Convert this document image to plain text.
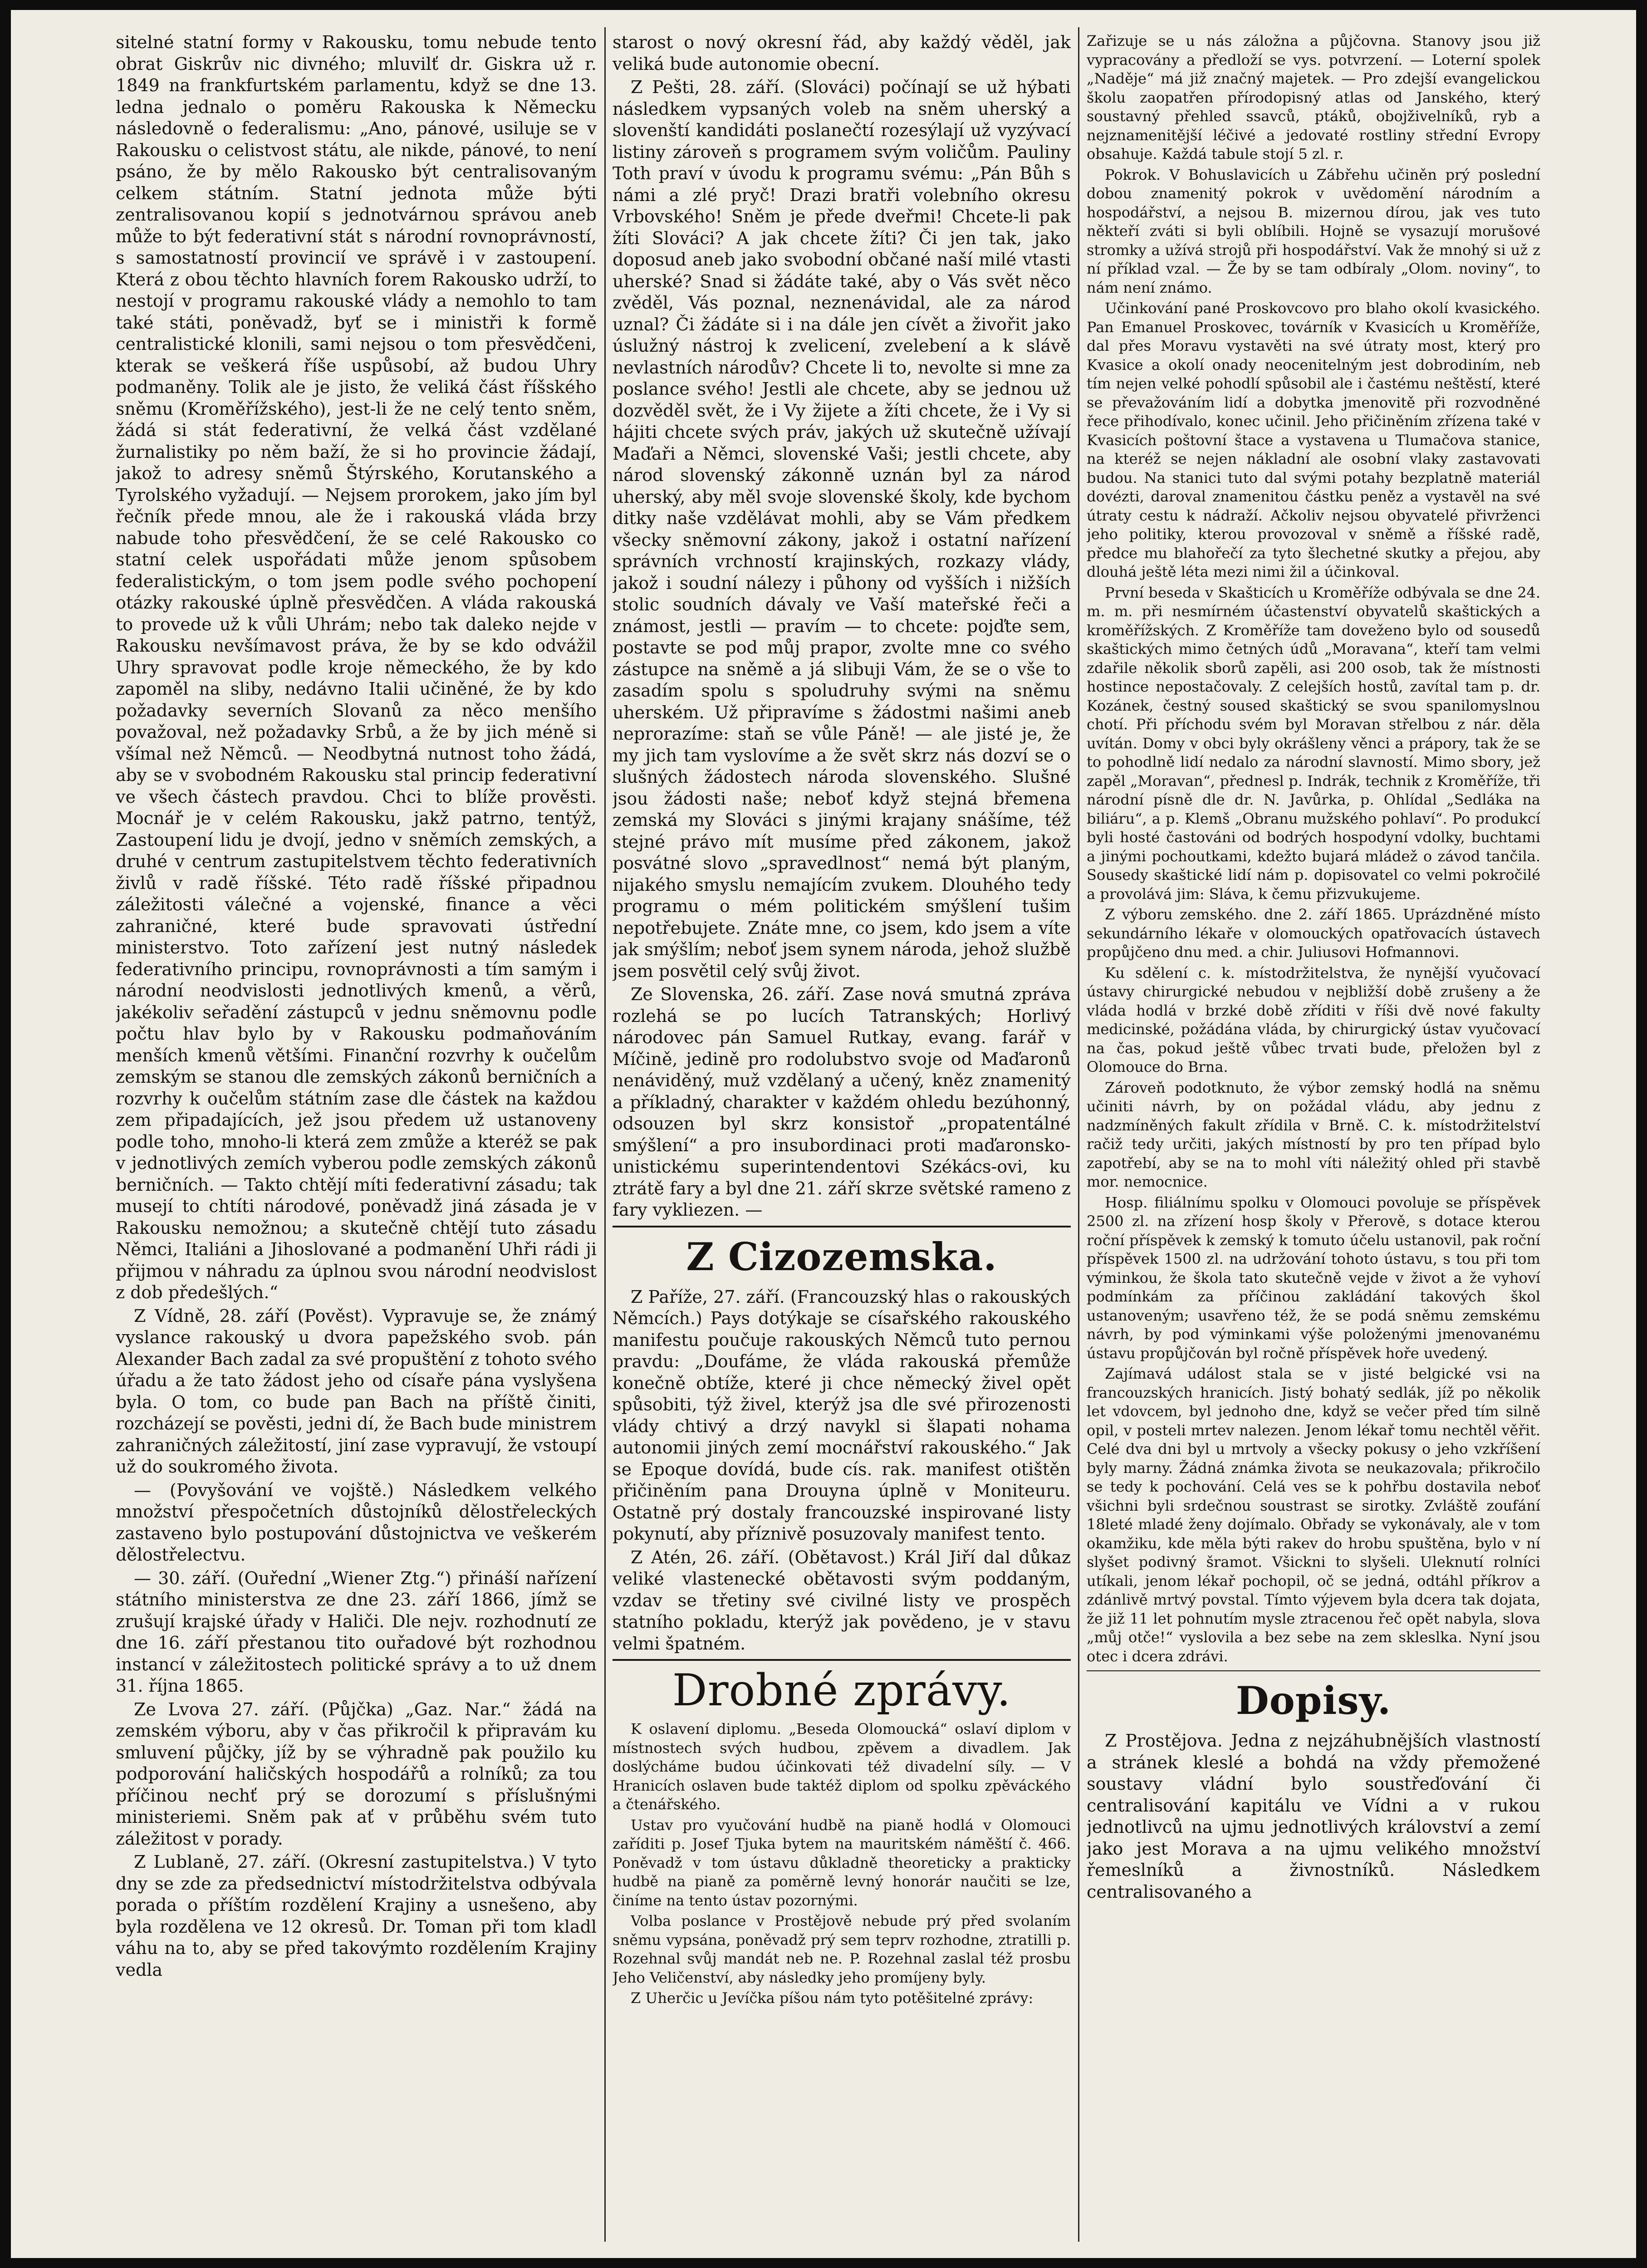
sitelné statní formy v Rakousku, tomu nebude tento obrat Giskrův nic divného; mluvilť dr. Giskra už r. 1849 na frankfurtském parlamentu, když se dne 13. ledna jednalo o poměru Rakouska k Německu následovně o federalismu: „Ano, pánové, usiluje se v Rakousku o celistvost státu, ale nikde, pánové, to není psáno, že by mělo Rakousko být centralisovaným celkem státním. Statní jednota může býti zentralisovanou kopií s jednotvárnou správou aneb může to být federativní stát s národní rovnoprávností, s samostatností provincií ve správě i v zastoupení. Která z obou těchto hlavních forem Rakousko udrží, to nestojí v programu rakouské vlády a nemohlo to tam také státi, poněvadž, byť se i ministři k formě centralistické klonili, sami nejsou o tom přesvědčeni, kterak se veškerá říše uspůsobí, až budou Uhry podmaněny. Tolik ale je jisto, že veliká část říšského sněmu (Kroměřížského), jest-li že ne celý tento sněm, žádá si stát federativní, že velká část vzdělané žurnalistiky po něm baží, že si ho provincie žádají, jakož to adresy sněmů Štýrského, Korutanského a Tyrolského vyžadují. — Nejsem prorokem, jako jím byl řečník přede mnou, ale že i rakouská vláda brzy nabude toho přesvědčení, že se celé Rakousko co statní celek uspořádati může jenom spůsobem federalistickým, o tom jsem podle svého pochopení otázky rakouské úplně přesvědčen. A vláda rakouská to provede už k vůli Uhrám; nebo tak daleko nejde v Rakousku nevšímavost práva, že by se kdo odvážil Uhry spravovat podle kroje německého, že by kdo zapoměl na sliby, nedávno Italii učiněné, že by kdo požadavky severních Slovanů za něco menšího považoval, než požadavky Srbů, a že by jich méně si všímal než Němců. — Neodbytná nutnost toho žádá, aby se v svobodném Rakousku stal princip federativní ve všech částech pravdou. Chci to blíže prověsti. Mocnář je v celém Rakousku, jakž patrno, tentýž, Zastoupení lidu je dvojí, jedno v sněmích zemských, a druhé v centrum zastupitelstvem těchto federativních živlů v radě říšské. Této radě říšské připadnou záležitosti válečné a vojenské, finance a věci zahraničné, které bude spravovati ústřední ministerstvo. Toto zařízení jest nutný následek federativního principu, rovnoprávnosti a tím samým i národní neodvislosti jednotlivých kmenů, a věrů, jakékoliv seřadění zástupců v jednu sněmovnu podle počtu hlav bylo by v Rakousku podmaňováním menších kmenů většími. Finanční rozvrhy k oučelům zemským se stanou dle zemských zákonů berničních a rozvrhy k oučelům státním zase dle částek na každou zem připadajících, jež jsou předem už ustanoveny podle toho, mnoho-li která zem zmůže a kteréž se pak v jednotlivých zemích vyberou podle zemských zákonů berničních. — Takto chtějí míti federativní zásadu; tak musejí to chtíti národové, poněvadž jiná zásada je v Rakousku nemožnou; a skutečně chtějí tuto zásadu Němci, Italiáni a Jihoslované a podmanění Uhři rádi ji přijmou v náhradu za úplnou svou národní neodvislost z dob předešlých.“

Z Vídně, 28. září (Pověst). Vypravuje se, že známý vyslance rakouský u dvora papežského svob. pán Alexander Bach zadal za své propuštění z tohoto svého úřadu a že tato žádost jeho od císaře pána vyslyšena byla. O tom, co bude pan Bach na příště činiti, rozcházejí se pověsti, jedni dí, že Bach bude ministrem zahraničných záležitostí, jiní zase vypravují, že vstoupí už do soukromého života.

— (Povyšování ve vojště.) Následkem velkého množství přespočetních důstojníků dělostřeleckých zastaveno bylo postupování důstojnictva ve veškerém dělostřelectvu.

— 30. září. (Ouřední „Wiener Ztg.“) přináší nařízení státního ministerstva ze dne 23. září 1866, jímž se zrušují krajské úřady v Haliči. Dle nejv. rozhodnutí ze dne 16. září přestanou tito ouřadové být rozhodnou instancí v záležitostech politické správy a to už dnem 31. října 1865.

Ze Lvova 27. září. (Půjčka) „Gaz. Nar.“ žádá na zemském výboru, aby v čas přikročil k připravám ku smluvení půjčky, jíž by se výhradně pak použilo ku podporování haličských hospodářů a rolníků; za tou příčinou nechť prý se dorozumí s příslušnými ministeriemi. Sněm pak ať v průběhu svém tuto záležitost v porady.

Z Lublaně, 27. září. (Okresní zastupitelstva.) V tyto dny se zde za předsednictví místodržitelstva odbývala porada o příštím rozdělení Krajiny a usnešeno, aby byla rozdělena ve 12 okresů. Dr. Toman při tom kladl váhu na to, aby se před takovýmto rozdělením Krajiny vedla

starost o nový okresní řád, aby každý věděl, jak veliká bude autonomie obecní.

Z Pešti, 28. září. (Slováci) počínají se už hýbati následkem vypsaných voleb na sněm uherský a slovenští kandidáti poslanečtí rozesýlají už vyzývací listiny zároveň s programem svým voličům. Pauliny Toth praví v úvodu k programu svému: „Pán Bůh s námi a zlé pryč! Drazi bratři volebního okresu Vrbovského! Sněm je přede dveřmi! Chcete-li pak žíti Slováci? A jak chcete žíti? Či jen tak, jako doposud aneb jako svobodní občané naší milé vtasti uherské? Snad si žádáte také, aby o Vás svět něco zvěděl, Vás poznal, neznenávidal, ale za národ uznal? Či žádáte si i na dále jen cívět a živořit jako úslužný nástroj k zvelicení, zvelebení a k slávě nevlastních národův? Chcete li to, nevolte si mne za poslance svého! Jestli ale chcete, aby se jednou už dozvěděl svět, že i Vy žijete a žíti chcete, že i Vy si hájiti chcete svých práv, jakých už skutečně užívají Maďaři a Němci, slovenské Vaši; jestli chcete, aby národ slovenský zákonně uznán byl za národ uherský, aby měl svoje slovenské školy, kde bychom ditky naše vzdělávat mohli, aby se Vám předkem všecky sněmovní zákony, jakož i ostatní nařízení správních vrchností krajinských, rozkazy vlády, jakož i soudní nálezy i půhony od vyšších i nižších stolic soudních dávaly ve Vaší mateřské řeči a známost, jestli — pravím — to chcete: pojďte sem, postavte se pod můj prapor, zvolte mne co svého zástupce na sněmě a já slibuji Vám, že se o vše to zasadím spolu s spoludruhy svými na sněmu uherském. Už připravíme s žádostmi našimi aneb neprorazíme: staň se vůle Páně! — ale jisté je, že my jich tam vyslovíme a že svět skrz nás dozví se o slušných žádostech národa slovenského. Slušné jsou žádosti naše; neboť když stejná břemena zemská my Slováci s jinými krajany snášíme, též stejné právo mít musíme před zákonem, jakož posvátné slovo „spravedlnost“ nemá být planým, nijakého smyslu nemajícím zvukem. Dlouhého tedy programu o mém politickém smýšlení tušim nepotřebujete. Znáte mne, co jsem, kdo jsem a víte jak smýšlím; neboť jsem synem národa, jehož službě jsem posvětil celý svůj život.

Ze Slovenska, 26. září. Zase nová smutná zpráva rozlehá se po lucích Tatranských; Horlivý národovec pán Samuel Rutkay, evang. farář v Míčině, jedině pro rodolubstvo svoje od Maďaronů nenáviděný, muž vzdělaný a učený, kněz znamenitý a příkladný, charakter v každém ohledu bezúhonný, odsouzen byl skrz konsistoř „propatentálné smýšlení“ a pro insubordinaci proti maďaronsko-unistickému superintendentovi Székács-ovi, ku ztrátě fary a byl dne 21. září skrze světské rameno z fary vykliezen. —

Z Cizozemska.

Z Paříže, 27. září. (Francouzský hlas o rakouských Němcích.) Pays dotýkaje se císařského rakouského manifestu poučuje rakouských Němců tuto pernou pravdu: „Doufáme, že vláda rakouská přemůže konečně obtíže, které ji chce německý živel opět spůsobiti, týž živel, kterýž jsa dle své přirozenosti vlády chtivý a drzý navykl si šlapati nohama autonomii jiných zemí mocnářství rakouského.“ Jak se Epoque dovídá, bude cís. rak. manifest otištěn přičiněním pana Drouyna úplně v Moniteuru. Ostatně prý dostaly francouzské inspirované listy pokynutí, aby příznivě posuzovaly manifest tento.

Z Atén, 26. září. (Obětavost.) Král Jiří dal důkaz veliké vlastenecké obětavosti svým poddaným, vzdav se třetiny své civilné listy ve prospěch statního pokladu, kterýž jak povědeno, je v stavu velmi špatném.

Drobné zprávy.

K oslavení diplomu. „Beseda Olomoucká“ oslaví diplom v místnostech svých hudbou, zpěvem a divadlem. Jak doslýcháme budou účinkovati též divadelní síly. — V Hranicích oslaven bude taktéž diplom od spolku zpěváckého a čtenářského.

Ustav pro vyučování hudbě na pianě hodlá v Olomouci zaříditi p. Josef Tjuka bytem na mauritském náměští č. 466. Poněvadž v tom ústavu důkladně theoreticky a prakticky hudbě na pianě za poměrně levný honorár naučiti se lze, činíme na tento ústav pozornými.

Volba poslance v Prostějově nebude prý před svolaním sněmu vypsána, poněvadž prý sem teprv rozhodne, ztratilli p. Rozehnal svůj mandát neb ne. P. Rozehnal zaslal též prosbu Jeho Veličenství, aby následky jeho promíjeny byly.

Z Uherčic u Jevíčka píšou nám tyto potěšitelné zprávy:

Zařizuje se u nás záložna a půjčovna. Stanovy jsou již vypracovány a předloží se vys. potvrzení. — Loterní spolek „Naděje“ má již značný majetek. — Pro zdejší evangelickou školu zaopatřen přírodopisný atlas od Janského, který soustavný přehled ssavců, ptáků, obojživelníků, ryb a nejznamenitější léčivé a jedovaté rostliny střední Evropy obsahuje. Každá tabule stojí 5 zl. r.

Pokrok. V Bohuslavicích u Zábřehu učiněn prý poslední dobou znamenitý pokrok v uvědomění národním a hospodářství, a nejsou B. mizernou dírou, jak ves tuto někteří zváti si byli oblíbili. Hojně se vysazují morušové stromky a užívá strojů při hospodářství. Vak že mnohý si už z ní příklad vzal. — Že by se tam odbíraly „Olom. noviny“, to nám není známo.

Učinkování pané Proskovcovo pro blaho okolí kvasického. Pan Emanuel Proskovec, továrník v Kvasicích u Kroměříže, dal přes Moravu vystavěti na své útraty most, který pro Kvasice a okolí onady neocenitelným jest dobrodiním, neb tím nejen velké pohodlí spůsobil ale i častému neštěstí, které se převažováním lidí a dobytka jmenovitě při rozvodněné řece přihodívalo, konec učinil. Jeho přičiněním zřízena také v Kvasicích poštovní štace a vystavena u Tlumačova stanice, na kteréž se nejen nákladní ale osobní vlaky zastavovati budou. Na stanici tuto dal svými potahy bezplatně materiál dovézti, daroval znamenitou částku peněz a vystavěl na své útraty cestu k nádraží. Ačkoliv nejsou obyvatelé přivrženci jeho politiky, kterou provozoval v sněmě a říšské radě, předce mu blahořečí za tyto šlechetné skutky a přejou, aby dlouhá ještě léta mezi nimi žil a účinkoval.

První beseda v Skašticích u Kroměříže odbývala se dne 24. m. m. při nesmírném účastenství obyvatelů skaštických a kroměřížských. Z Kroměříže tam doveženo bylo od sousedů skaštických mimo četných údů „Moravana“, kteří tam velmi zdařile několik sborů zapěli, asi 200 osob, tak že místnosti hostince nepostačovaly. Z celejších hostů, zavítal tam p. dr. Kozánek, čestný soused skaštický se svou spanilomyslnou chotí. Při příchodu svém byl Moravan střelbou z nár. děla uvítán. Domy v obci byly okrášleny věnci a prápory, tak že se to pohodlně lidí nedalo za národní slavností. Mimo sbory, jež zapěl „Moravan“, přednesl p. Indrák, technik z Kroměříže, tři národní písně dle dr. N. Javůrka, p. Ohlídal „Sedláka na biliáru“, a p. Klemš „Obranu mužského pohlaví“. Po produkcí byli hosté častováni od bodrých hospodyní vdolky, buchtami a jinými pochoutkami, kdežto bujará mládež o závod tančila. Sousedy skaštické lidí nám p. dopisovatel co velmi pokročilé a provolává jim: Sláva, k čemu přizvukujeme.

Z výboru zemského. dne 2. září 1865. Uprázdněné místo sekundárního lékaře v olomouckých opatřovacích ústavech propůjčeno dnu med. a chir. Juliusovi Hofmannovi.

Ku sdělení c. k. místodržitelstva, že nynější vyučovací ústavy chirurgické nebudou v nejbližší době zrušeny a že vláda hodlá v brzké době zříditi v říši dvě nové fakulty medicinské, požádána vláda, by chirurgický ústav vyučovací na čas, pokud ještě vůbec trvati bude, přeložen byl z Olomouce do Brna.

Zároveň podotknuto, že výbor zemský hodlá na sněmu učiniti návrh, by on požádal vládu, aby jednu z nadzmíněných fakult zřídila v Brně. C. k. místodržitelství račiž tedy určiti, jakých místností by pro ten případ bylo zapotřebí, aby se na to mohl víti náležitý ohled při stavbě mor. nemocnice.

Hosp. filiálnímu spolku v Olomouci povoluje se příspěvek 2500 zl. na zřízení hosp školy v Přerově, s dotace kterou roční příspěvek k zemský k tomuto účelu ustanovil, pak roční příspěvek 1500 zl. na udržování tohoto ústavu, s tou při tom výminkou, že škola tato skutečně vejde v život a že vyhoví podmínkám za příčinou zakládání takových škol ustanoveným; usavřeno též, že se podá sněmu zemskému návrh, by pod výminkami výše položenými jmenovanému ústavu propůjčován byl ročně příspěvek hoře uvedený.

Zajímavá událost stala se v jisté belgické vsi na francouzských hranicích. Jistý bohatý sedlák, jíž po několik let vdovcem, byl jednoho dne, když se večer před tím silně opil, v posteli mrtev nalezen. Jenom lékař tomu nechtěl věřit. Celé dva dni byl u mrtvoly a všecky pokusy o jeho vzkříšení byly marny. Žádná známka života se neukazovala; přikročilo se tedy k pochování. Celá ves se k pohřbu dostavila neboť všichni byli srdečnou soustrast se sirotky. Zvláště zoufání 18leté mladé ženy dojímalo. Obřady se vykonávaly, ale v tom okamžiku, kde měla býti rakev do hrobu spuštěna, bylo v ní slyšet podivný šramot. Všickni to slyšeli. Uleknutí rolníci utíkali, jenom lékař pochopil, oč se jedná, odtáhl příkrov a zdánlivě mrtvý povstal. Tímto výjevem byla dcera tak dojata, že již 11 let pohnutím mysle ztracenou řeč opět nabyla, slova „můj otče!“ vyslovila a bez sebe na zem skleslka. Nyní jsou otec i dcera zdrávi.

Dopisy.

Z Prostějova. Jedna z nejzáhubnějších vlastností a stránek kleslé a bohdá na vždy přemožené soustavy vládní bylo soustřeďování či centralisování kapitálu ve Vídni a v rukou jednotlivců na ujmu jednotlivých království a zemí jako jest Morava a na ujmu velikého množství řemeslníků a živnostníků. Následkem centralisovaného a
